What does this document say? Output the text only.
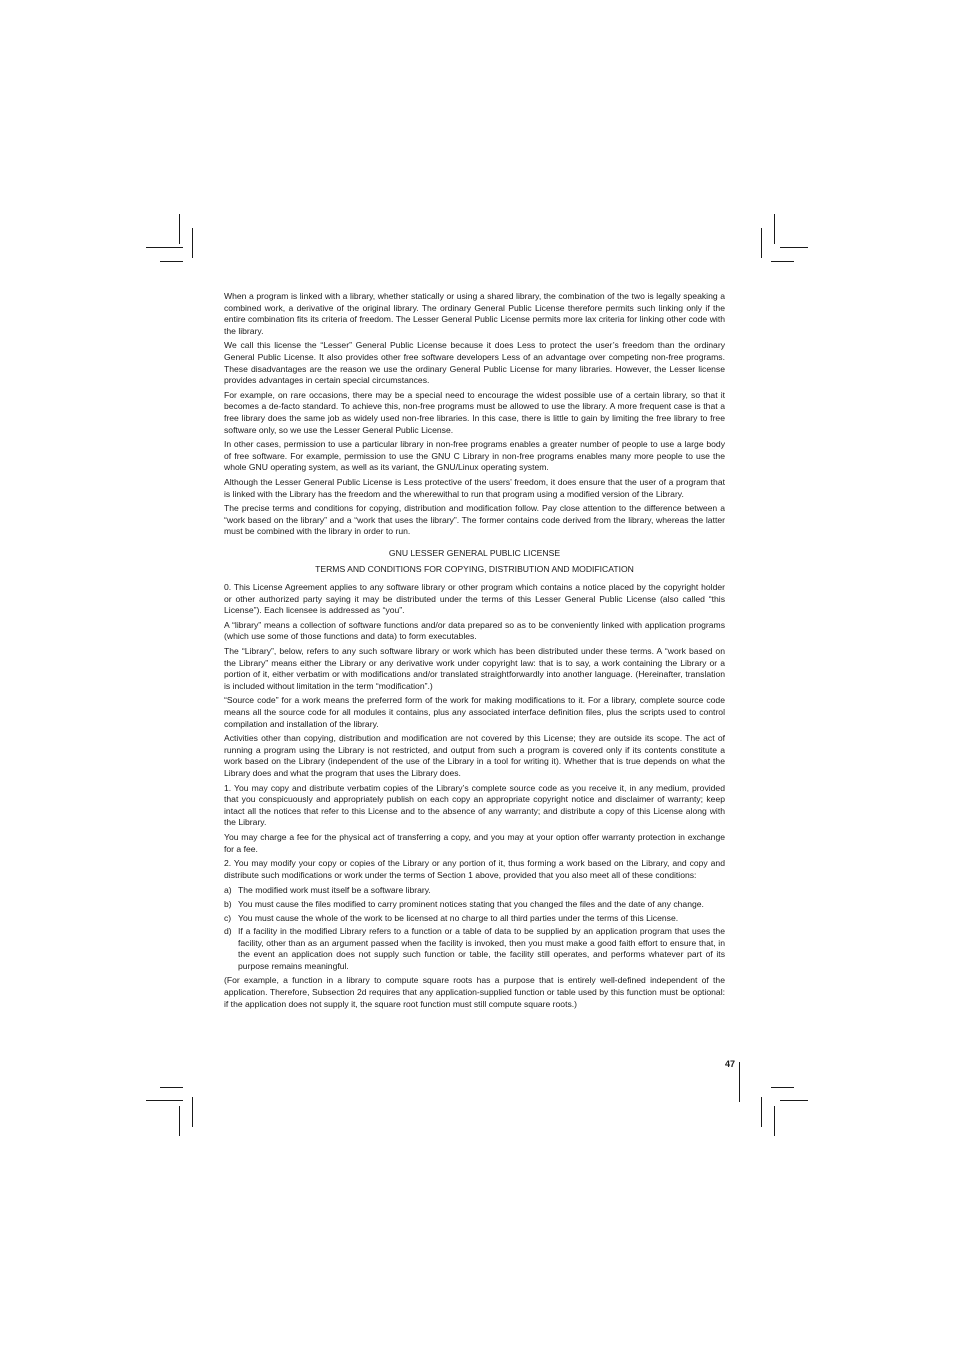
When a program is linked with a library, whether statically or using a shared library, the combination of the two is legally speaking a combined work, a derivative of the original library. The ordinary General Public License therefore permits such linking only if the entire combination fits its criteria of freedom. The Lesser General Public License permits more lax criteria for linking other code with the library.

We call this license the “Lesser” General Public License because it does Less to protect the user’s freedom than the ordinary General Public License. It also provides other free software developers Less of an advantage over competing non-free programs. These disadvantages are the reason we use the ordinary General Public License for many libraries. However, the Lesser license provides advantages in certain special circumstances.

For example, on rare occasions, there may be a special need to encourage the widest possible use of a certain library, so that it becomes a de-facto standard. To achieve this, non-free programs must be allowed to use the library. A more frequent case is that a free library does the same job as widely used non-free libraries. In this case, there is little to gain by limiting the free library to free software only, so we use the Lesser General Public License.

In other cases, permission to use a particular library in non-free programs enables a greater number of people to use a large body of free software. For example, permission to use the GNU C Library in non-free programs enables many more people to use the whole GNU operating system, as well as its variant, the GNU/Linux operating system.

Although the Lesser General Public License is Less protective of the users’ freedom, it does ensure that the user of a program that is linked with the Library has the freedom and the wherewithal to run that program using a modified version of the Library.

The precise terms and conditions for copying, distribution and modification follow. Pay close attention to the difference between a “work based on the library” and a “work that uses the library”. The former contains code derived from the library, whereas the latter must be combined with the library in order to run.

GNU LESSER GENERAL PUBLIC LICENSE
TERMS AND CONDITIONS FOR COPYING, DISTRIBUTION AND MODIFICATION

0. This License Agreement applies to any software library or other program which contains a notice placed by the copyright holder or other authorized party saying it may be distributed under the terms of this Lesser General Public License (also called “this License”). Each licensee is addressed as “you”.

A “library” means a collection of software functions and/or data prepared so as to be conveniently linked with application programs (which use some of those functions and data) to form executables.

The “Library”, below, refers to any such software library or work which has been distributed under these terms. A “work based on the Library” means either the Library or any derivative work under copyright law: that is to say, a work containing the Library or a portion of it, either verbatim or with modifications and/or translated straightforwardly into another language. (Hereinafter, translation is included without limitation in the term “modification”.)

“Source code” for a work means the preferred form of the work for making modifications to it. For a library, complete source code means all the source code for all modules it contains, plus any associated interface definition files, plus the scripts used to control compilation and installation of the library.

Activities other than copying, distribution and modification are not covered by this License; they are outside its scope. The act of running a program using the Library is not restricted, and output from such a program is covered only if its contents constitute a work based on the Library (independent of the use of the Library in a tool for writing it). Whether that is true depends on what the Library does and what the program that uses the Library does.

1. You may copy and distribute verbatim copies of the Library’s complete source code as you receive it, in any medium, provided that you conspicuously and appropriately publish on each copy an appropriate copyright notice and disclaimer of warranty; keep intact all the notices that refer to this License and to the absence of any warranty; and distribute a copy of this License along with the Library.

You may charge a fee for the physical act of transferring a copy, and you may at your option offer warranty protection in exchange for a fee.

2. You may modify your copy or copies of the Library or any portion of it, thus forming a work based on the Library, and copy and distribute such modifications or work under the terms of Section 1 above, provided that you also meet all of these conditions:

a) The modified work must itself be a software library.
b) You must cause the files modified to carry prominent notices stating that you changed the files and the date of any change.
c) You must cause the whole of the work to be licensed at no charge to all third parties under the terms of this License.
d) If a facility in the modified Library refers to a function or a table of data to be supplied by an application program that uses the facility, other than as an argument passed when the facility is invoked, then you must make a good faith effort to ensure that, in the event an application does not supply such function or table, the facility still operates, and performs whatever part of its purpose remains meaningful.

(For example, a function in a library to compute square roots has a purpose that is entirely well-defined independent of the application. Therefore, Subsection 2d requires that any application-supplied function or table used by this function must be optional: if the application does not supply it, the square root function must still compute square roots.)

47
